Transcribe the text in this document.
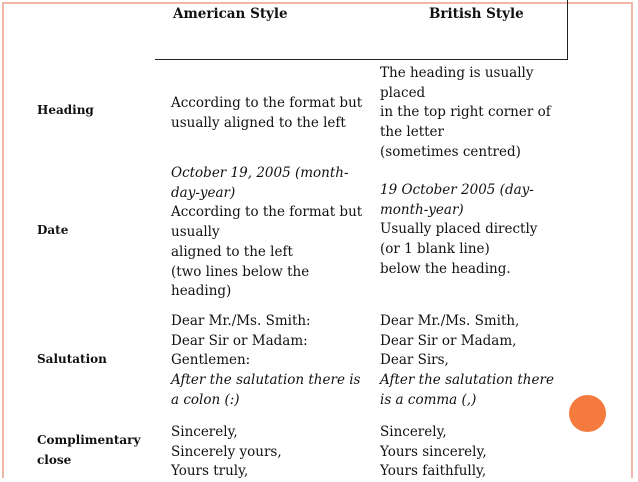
American Style	British Style
Heading
Date
Salutation
Complimentary
close
According to the format but
usually aligned to the left
The heading is usually
placed
in the top right corner of
the letter
(sometimes centred)
October 19, 2005 (month-
day-year)
According to the format but
usually
aligned to the left
(two lines below the
heading)
19 October 2005 (day-
month-year)
Usually placed directly
(or 1 blank line)
below the heading.
Dear Mr./Ms. Smith:
Dear Sir or Madam:
Gentlemen:
After the salutation there is
a colon (:)
Dear Mr./Ms. Smith,
Dear Sir or Madam,
Dear Sirs,
After the salutation there
is a comma (,)
Sincerely,
Sincerely yours,
Yours truly,
Sincerely,
Yours sincerely,
Yours faithfully,
